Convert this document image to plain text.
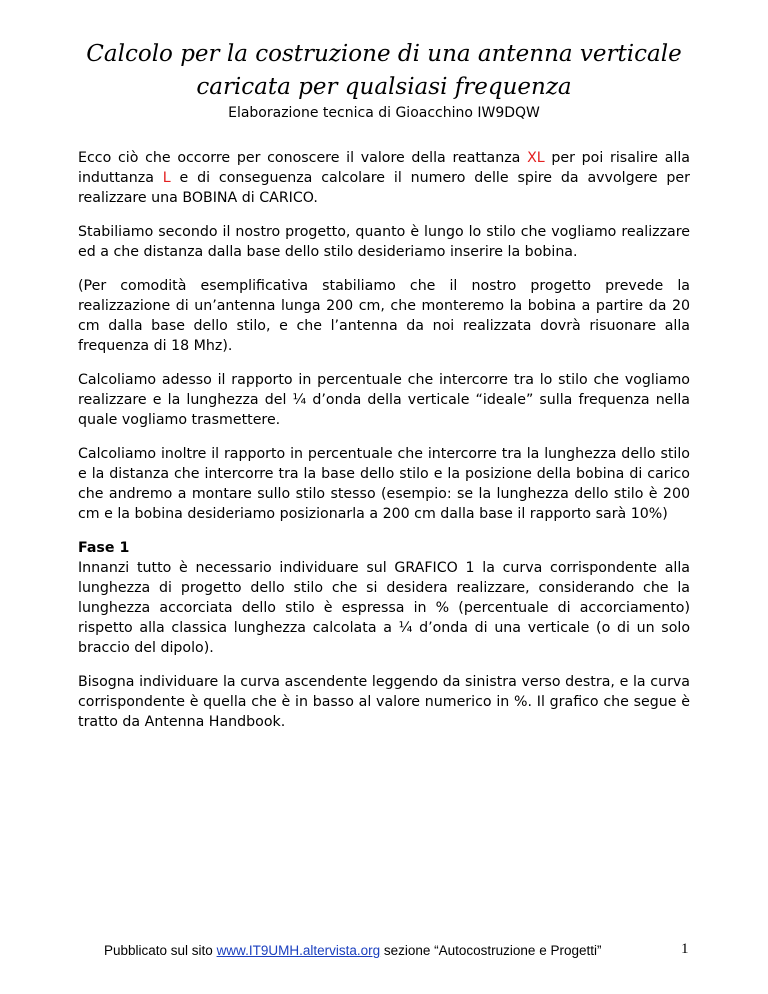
Calcolo per la costruzione di una antenna verticale
caricata per qualsiasi frequenza
Elaborazione tecnica di Gioacchino IW9DQW

Ecco ciò che occorre per conoscere il valore della reattanza XL per poi risalire alla induttanza L e di conseguenza calcolare il numero delle spire da avvolgere per realizzare una BOBINA di CARICO.

Stabiliamo secondo il nostro progetto, quanto è lungo lo stilo che vogliamo realizzare ed a che distanza dalla base dello stilo desideriamo inserire la bobina.

(Per comodità esemplificativa stabiliamo che il nostro progetto prevede la realizzazione di un’antenna lunga 200 cm, che monteremo la bobina a partire da 20 cm dalla base dello stilo, e che l’antenna da noi realizzata dovrà risuonare alla frequenza di 18 Mhz).

Calcoliamo adesso il rapporto in percentuale che intercorre tra lo stilo che vogliamo realizzare e la lunghezza del ¼ d’onda della verticale “ideale” sulla frequenza nella quale vogliamo trasmettere.

Calcoliamo inoltre il rapporto in percentuale che intercorre tra la lunghezza dello stilo e la distanza che intercorre tra la base dello stilo e la posizione della bobina di carico che andremo a montare sullo stilo stesso (esempio: se la lunghezza dello stilo è 200 cm e la bobina desideriamo posizionarla a 200 cm dalla base il rapporto sarà 10%)

Fase 1
Innanzi tutto è necessario individuare sul GRAFICO 1 la curva corrispondente alla lunghezza di progetto dello stilo che si desidera realizzare, considerando che la lunghezza accorciata dello stilo è espressa in % (percentuale di accorciamento) rispetto alla classica lunghezza calcolata a ¼ d’onda di una verticale (o di un solo braccio del dipolo).

Bisogna individuare la curva ascendente leggendo da sinistra verso destra, e la curva corrispondente è quella che è in basso al valore numerico in %. Il grafico che segue è tratto da Antenna Handbook.

Pubblicato sul sito www.IT9UMH.altervista.org sezione “Autocostruzione e Progetti”	1
